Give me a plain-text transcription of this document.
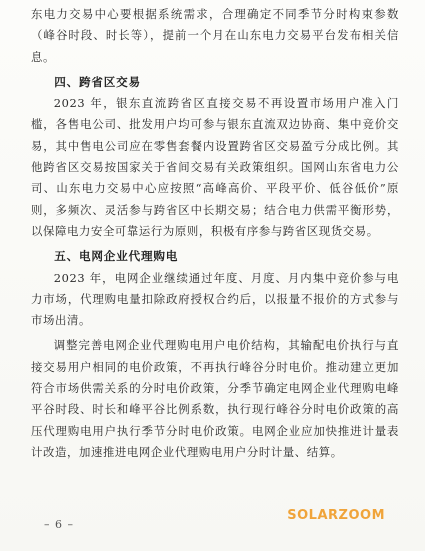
东电力交易中心要根据系统需求，合理确定不同季节分时构束参数（峰谷时段、时长等），提前一个月在山东电力交易平台发布相关信息。

四、跨省区交易

2023 年，银东直流跨省区直接交易不再设置市场用户准入门槛，各售电公司、批发用户均可参与银东直流双边协商、集中竞价交易，其中售电公司应在零售套餐内设置跨省区交易盈亏分成比例。其他跨省区交易按国家关于省间交易有关政策组织。国网山东省电力公司、山东电力交易中心应按照“高峰高价、平段平价、低谷低价”原则，多频次、灵活参与跨省区中长期交易；结合电力供需平衡形势，以保障电力安全可靠运行为原则，积极有序参与跨省区现货交易。

五、电网企业代理购电

2023 年，电网企业继续通过年度、月度、月内集中竞价参与电力市场，代理购电量扣除政府授权合约后，以报量不报价的方式参与市场出清。

调整完善电网企业代理购电用户电价结构，其输配电价执行与直接交易用户相同的电价政策，不再执行峰谷分时电价。推动建立更加符合市场供需关系的分时电价政策，分季节确定电网企业代理购电峰平谷时段、时长和峰平谷比例系数，执行现行峰谷分时电价政策的高压代理购电用户执行季节分时电价政策。电网企业应加快推进计量表计改造，加速推进电网企业代理购电用户分时计量、结算。

– 6 –
SOLARZOOM
